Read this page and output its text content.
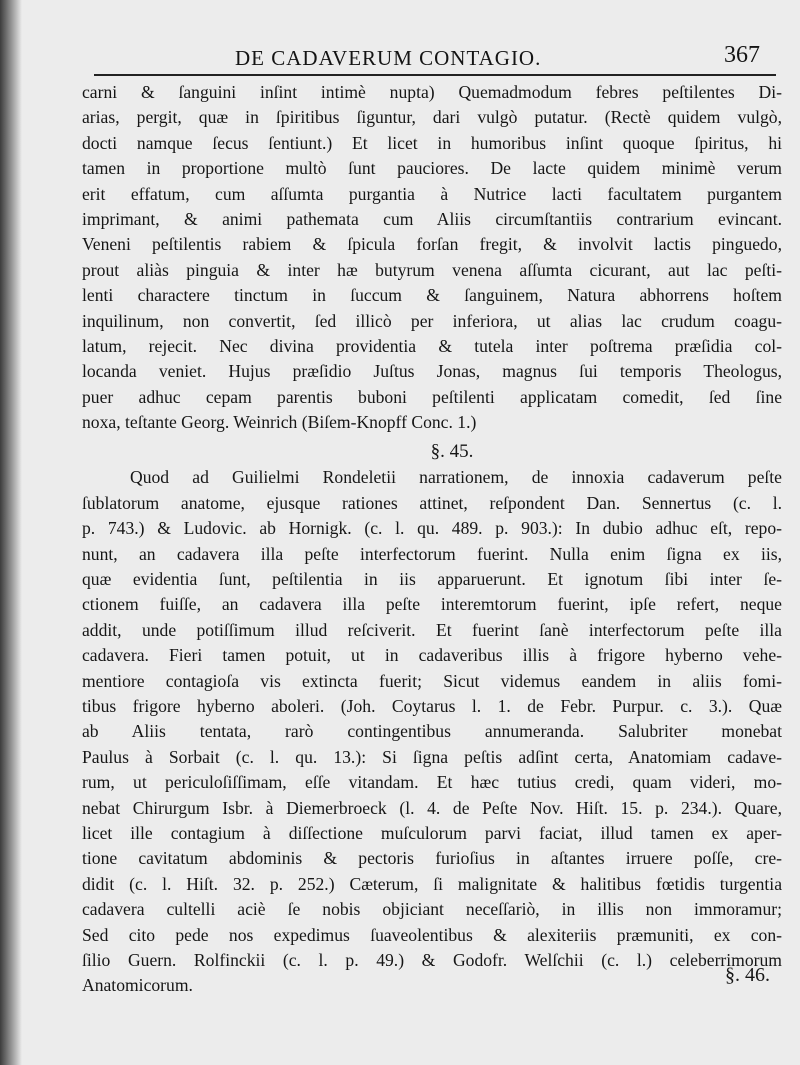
DE CADAVERUM CONTAGIO.	367
carni & ſanguini inſint intimè nupta) Quemadmodum febres peſtilentes Di-
arias, pergit, quæ in ſpiritibus ſiguntur, dari vulgò putatur. (Rectè quidem vulgò,
docti namque ſecus ſentiunt.) Et licet in humoribus inſint quoque ſpiritus, hi
tamen in proportione multò ſunt pauciores. De lacte quidem minimè verum
erit effatum, cum aſſumta purgantia à Nutrice lacti facultatem purgantem
imprimant, & animi pathemata cum Aliis circumſtantiis contrarium evincant.
Veneni peſtilentis rabiem & ſpicula forſan fregit, & involvit lactis pinguedo,
prout aliàs pinguia & inter hæ butyrum venena aſſumta cicurant, aut lac peſti-
lenti charactere tinctum in ſuccum & ſanguinem, Natura abhorrens hoſtem
inquilinum, non convertit, ſed illicò per inferiora, ut alias lac crudum coagu-
latum, rejecit. Nec divina providentia & tutela inter poſtrema præſidia col-
locanda veniet. Hujus præſidio Juſtus Jonas, magnus ſui temporis Theologus,
puer adhuc cepam parentis buboni peſtilenti applicatam comedit, ſed ſine
noxa, teſtante Georg. Weinrich (Biſem-Knopff Conc. 1.)
§. 45.
Quod ad Guilielmi Rondeletii narrationem, de innoxia cadaverum peſte
ſublatorum anatome, ejusque rationes attinet, reſpondent Dan. Sennertus (c. l.
p. 743.) & Ludovic. ab Hornigk. (c. l. qu. 489. p. 903.): In dubio adhuc eſt, repo-
nunt, an cadavera illa peſte interfectorum fuerint. Nulla enim ſigna ex iis,
quæ evidentia ſunt, peſtilentia in iis apparuerunt. Et ignotum ſibi inter ſe-
ctionem fuiſſe, an cadavera illa peſte interemtorum fuerint, ipſe refert, neque
addit, unde potiſſimum illud reſciverit. Et fuerint ſanè interfectorum peſte illa
cadavera. Fieri tamen potuit, ut in cadaveribus illis à frigore hyberno vehe-
mentiore contagioſa vis extincta fuerit; Sicut videmus eandem in aliis fomi-
tibus frigore hyberno aboleri. (Joh. Coytarus l. 1. de Febr. Purpur. c. 3.). Quæ
ab Aliis tentata, rarò contingentibus annumeranda. Salubriter monebat
Paulus à Sorbait (c. l. qu. 13.): Si ſigna peſtis adſint certa, Anatomiam cadave-
rum, ut periculoſiſſimam, eſſe vitandam. Et hæc tutius credi, quam videri, mo-
nebat Chirurgum Isbr. à Diemerbroeck (l. 4. de Peſte Nov. Hiſt. 15. p. 234.). Quare,
licet ille contagium à diſſectione muſculorum parvi faciat, illud tamen ex aper-
tione cavitatum abdominis & pectoris furioſius in aſtantes irruere poſſe, cre-
didit (c. l. Hiſt. 32. p. 252.) Cæterum, ſi malignitate & halitibus fœtidis turgentia
cadavera cultelli aciè ſe nobis objiciant neceſſariò, in illis non immoramur;
Sed cito pede nos expedimus ſuaveolentibus & alexiteriis præmuniti, ex con-
ſilio Guern. Rolfinckii (c. l. p. 49.) & Godofr. Welſchii (c. l.) celeberrimorum
Anatomicorum.	§. 46.
